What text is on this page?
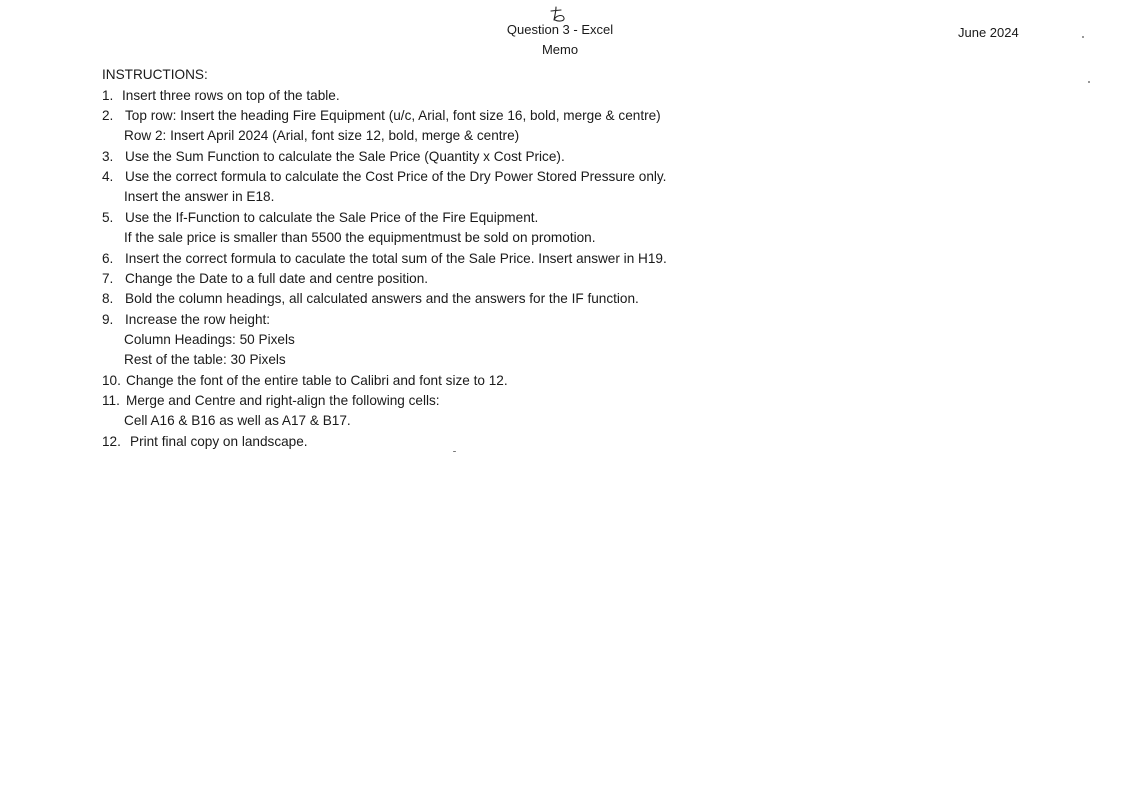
Question 3 - Excel
Memo
June 2024
INSTRUCTIONS:
1. Insert three rows on top of the table.
2. Top row: Insert the heading Fire Equipment (u/c, Arial, font size 16, bold, merge & centre)
Row 2: Insert April 2024 (Arial, font size 12, bold, merge & centre)
3. Use the Sum Function to calculate the Sale Price (Quantity x Cost Price).
4. Use the correct formula to calculate the Cost Price of the Dry Power Stored Pressure only.
Insert the answer in E18.
5. Use the If-Function to calculate the Sale Price of the Fire Equipment.
If the sale price is smaller than 5500 the equipmentmust be sold on promotion.
6. Insert the correct formula to caculate the total sum of the Sale Price. Insert answer in H19.
7. Change the Date to a full date and centre position.
8. Bold the column headings, all calculated answers and the answers for the IF function.
9. Increase the row height:
Column Headings: 50 Pixels
Rest of the table: 30 Pixels
10. Change the font of the entire table to Calibri and font size to 12.
11. Merge and Centre and right-align the following cells:
Cell A16 & B16 as well as A17 & B17.
12. Print final copy on landscape.
